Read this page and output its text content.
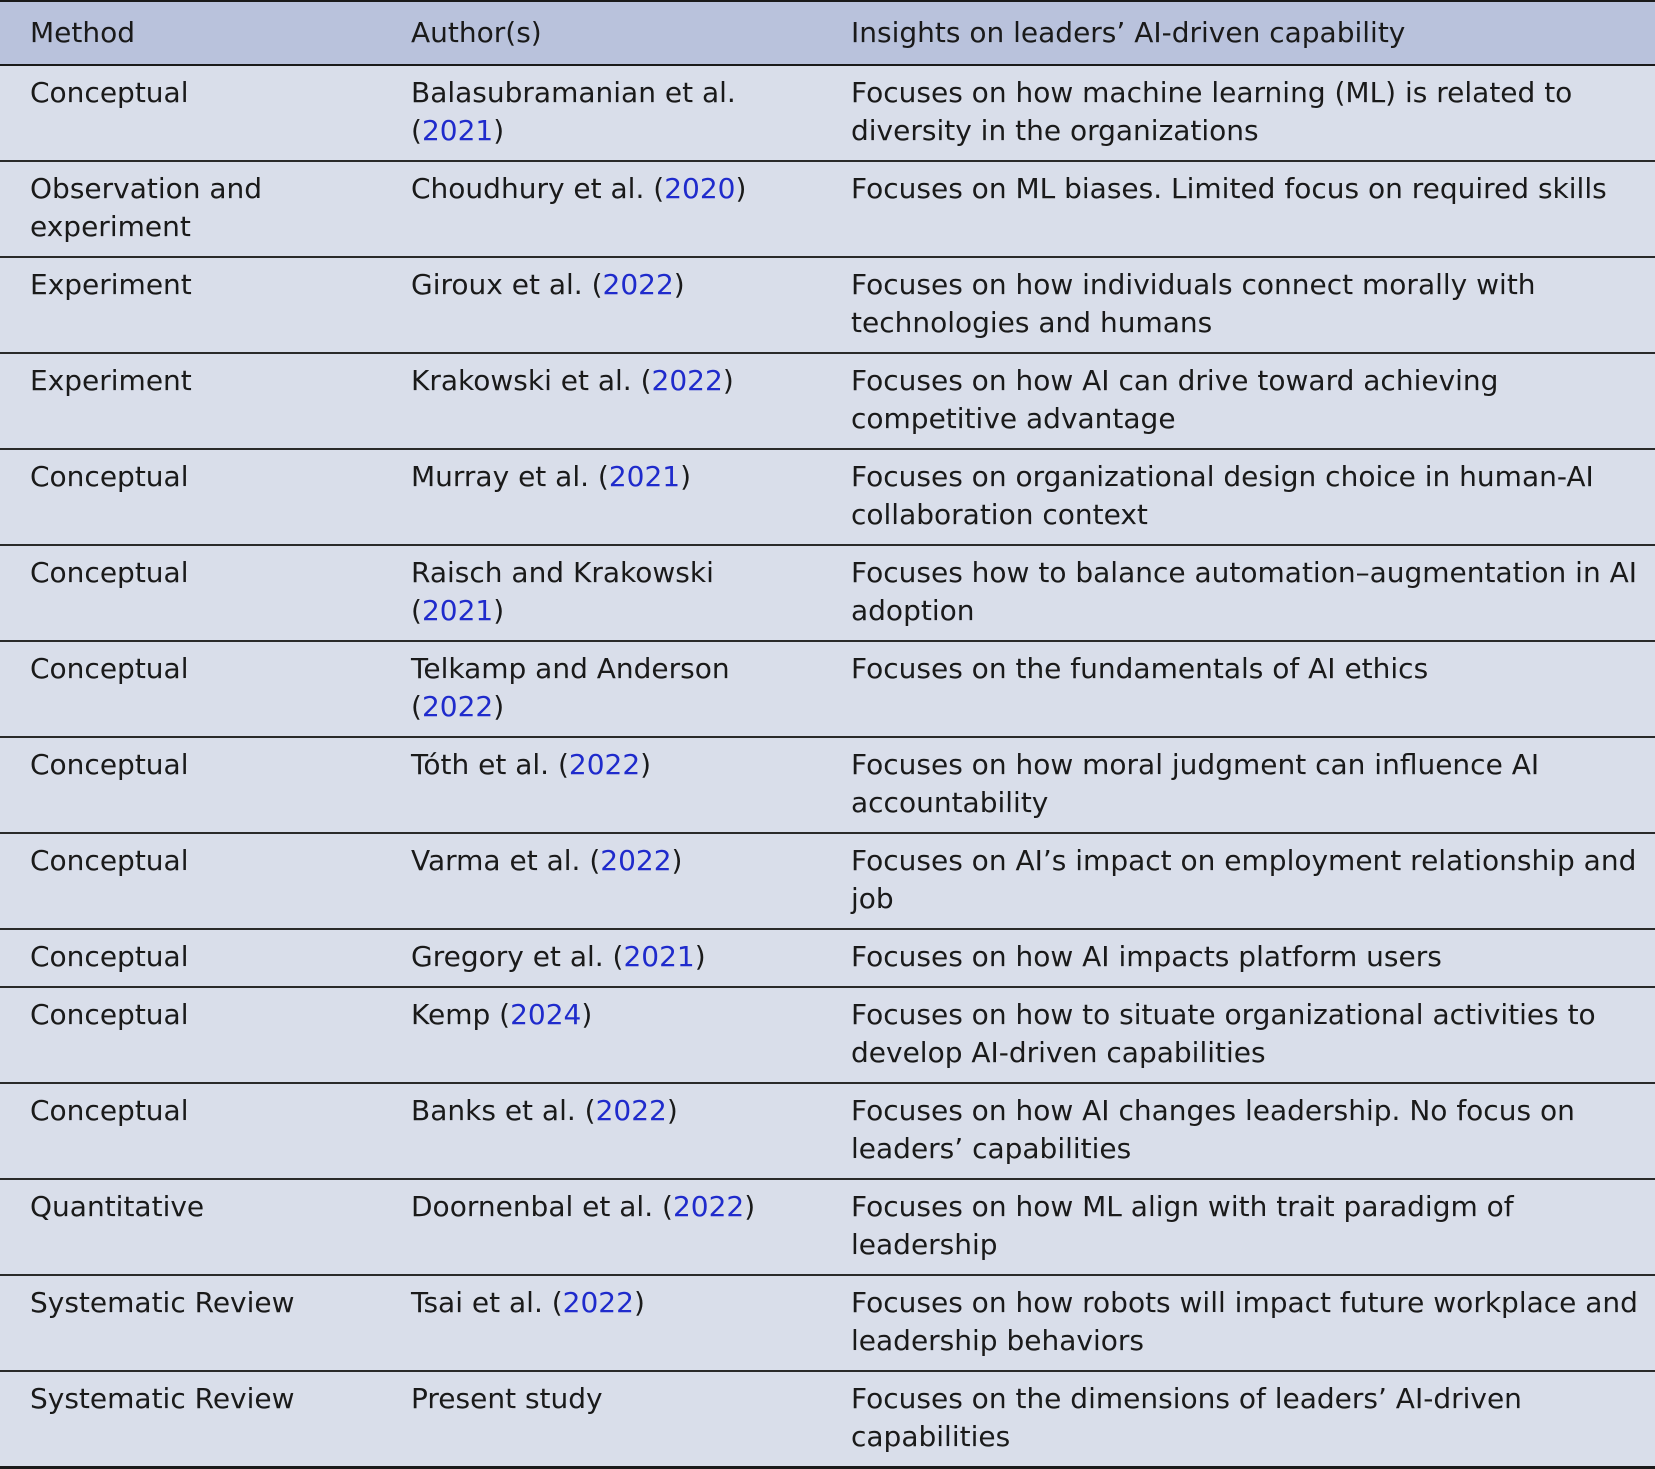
Method	Author(s)	Insights on leaders’ AI-driven capability
Conceptual	Balasubramanian et al. (2021)	Focuses on how machine learning (ML) is related to diversity in the organizations
Observation and experiment	Choudhury et al. (2020)	Focuses on ML biases. Limited focus on required skills
Experiment	Giroux et al. (2022)	Focuses on how individuals connect morally with technologies and humans
Experiment	Krakowski et al. (2022)	Focuses on how AI can drive toward achieving competitive advantage
Conceptual	Murray et al. (2021)	Focuses on organizational design choice in human-AI collaboration context
Conceptual	Raisch and Krakowski (2021)	Focuses how to balance automation–augmentation in AI adoption
Conceptual	Telkamp and Anderson (2022)	Focuses on the fundamentals of AI ethics
Conceptual	Tóth et al. (2022)	Focuses on how moral judgment can influence AI accountability
Conceptual	Varma et al. (2022)	Focuses on AI’s impact on employment relationship and job
Conceptual	Gregory et al. (2021)	Focuses on how AI impacts platform users
Conceptual	Kemp (2024)	Focuses on how to situate organizational activities to develop AI-driven capabilities
Conceptual	Banks et al. (2022)	Focuses on how AI changes leadership. No focus on leaders’ capabilities
Quantitative	Doornenbal et al. (2022)	Focuses on how ML align with trait paradigm of leadership
Systematic Review	Tsai et al. (2022)	Focuses on how robots will impact future workplace and leadership behaviors
Systematic Review	Present study	Focuses on the dimensions of leaders’ AI-driven capabilities
